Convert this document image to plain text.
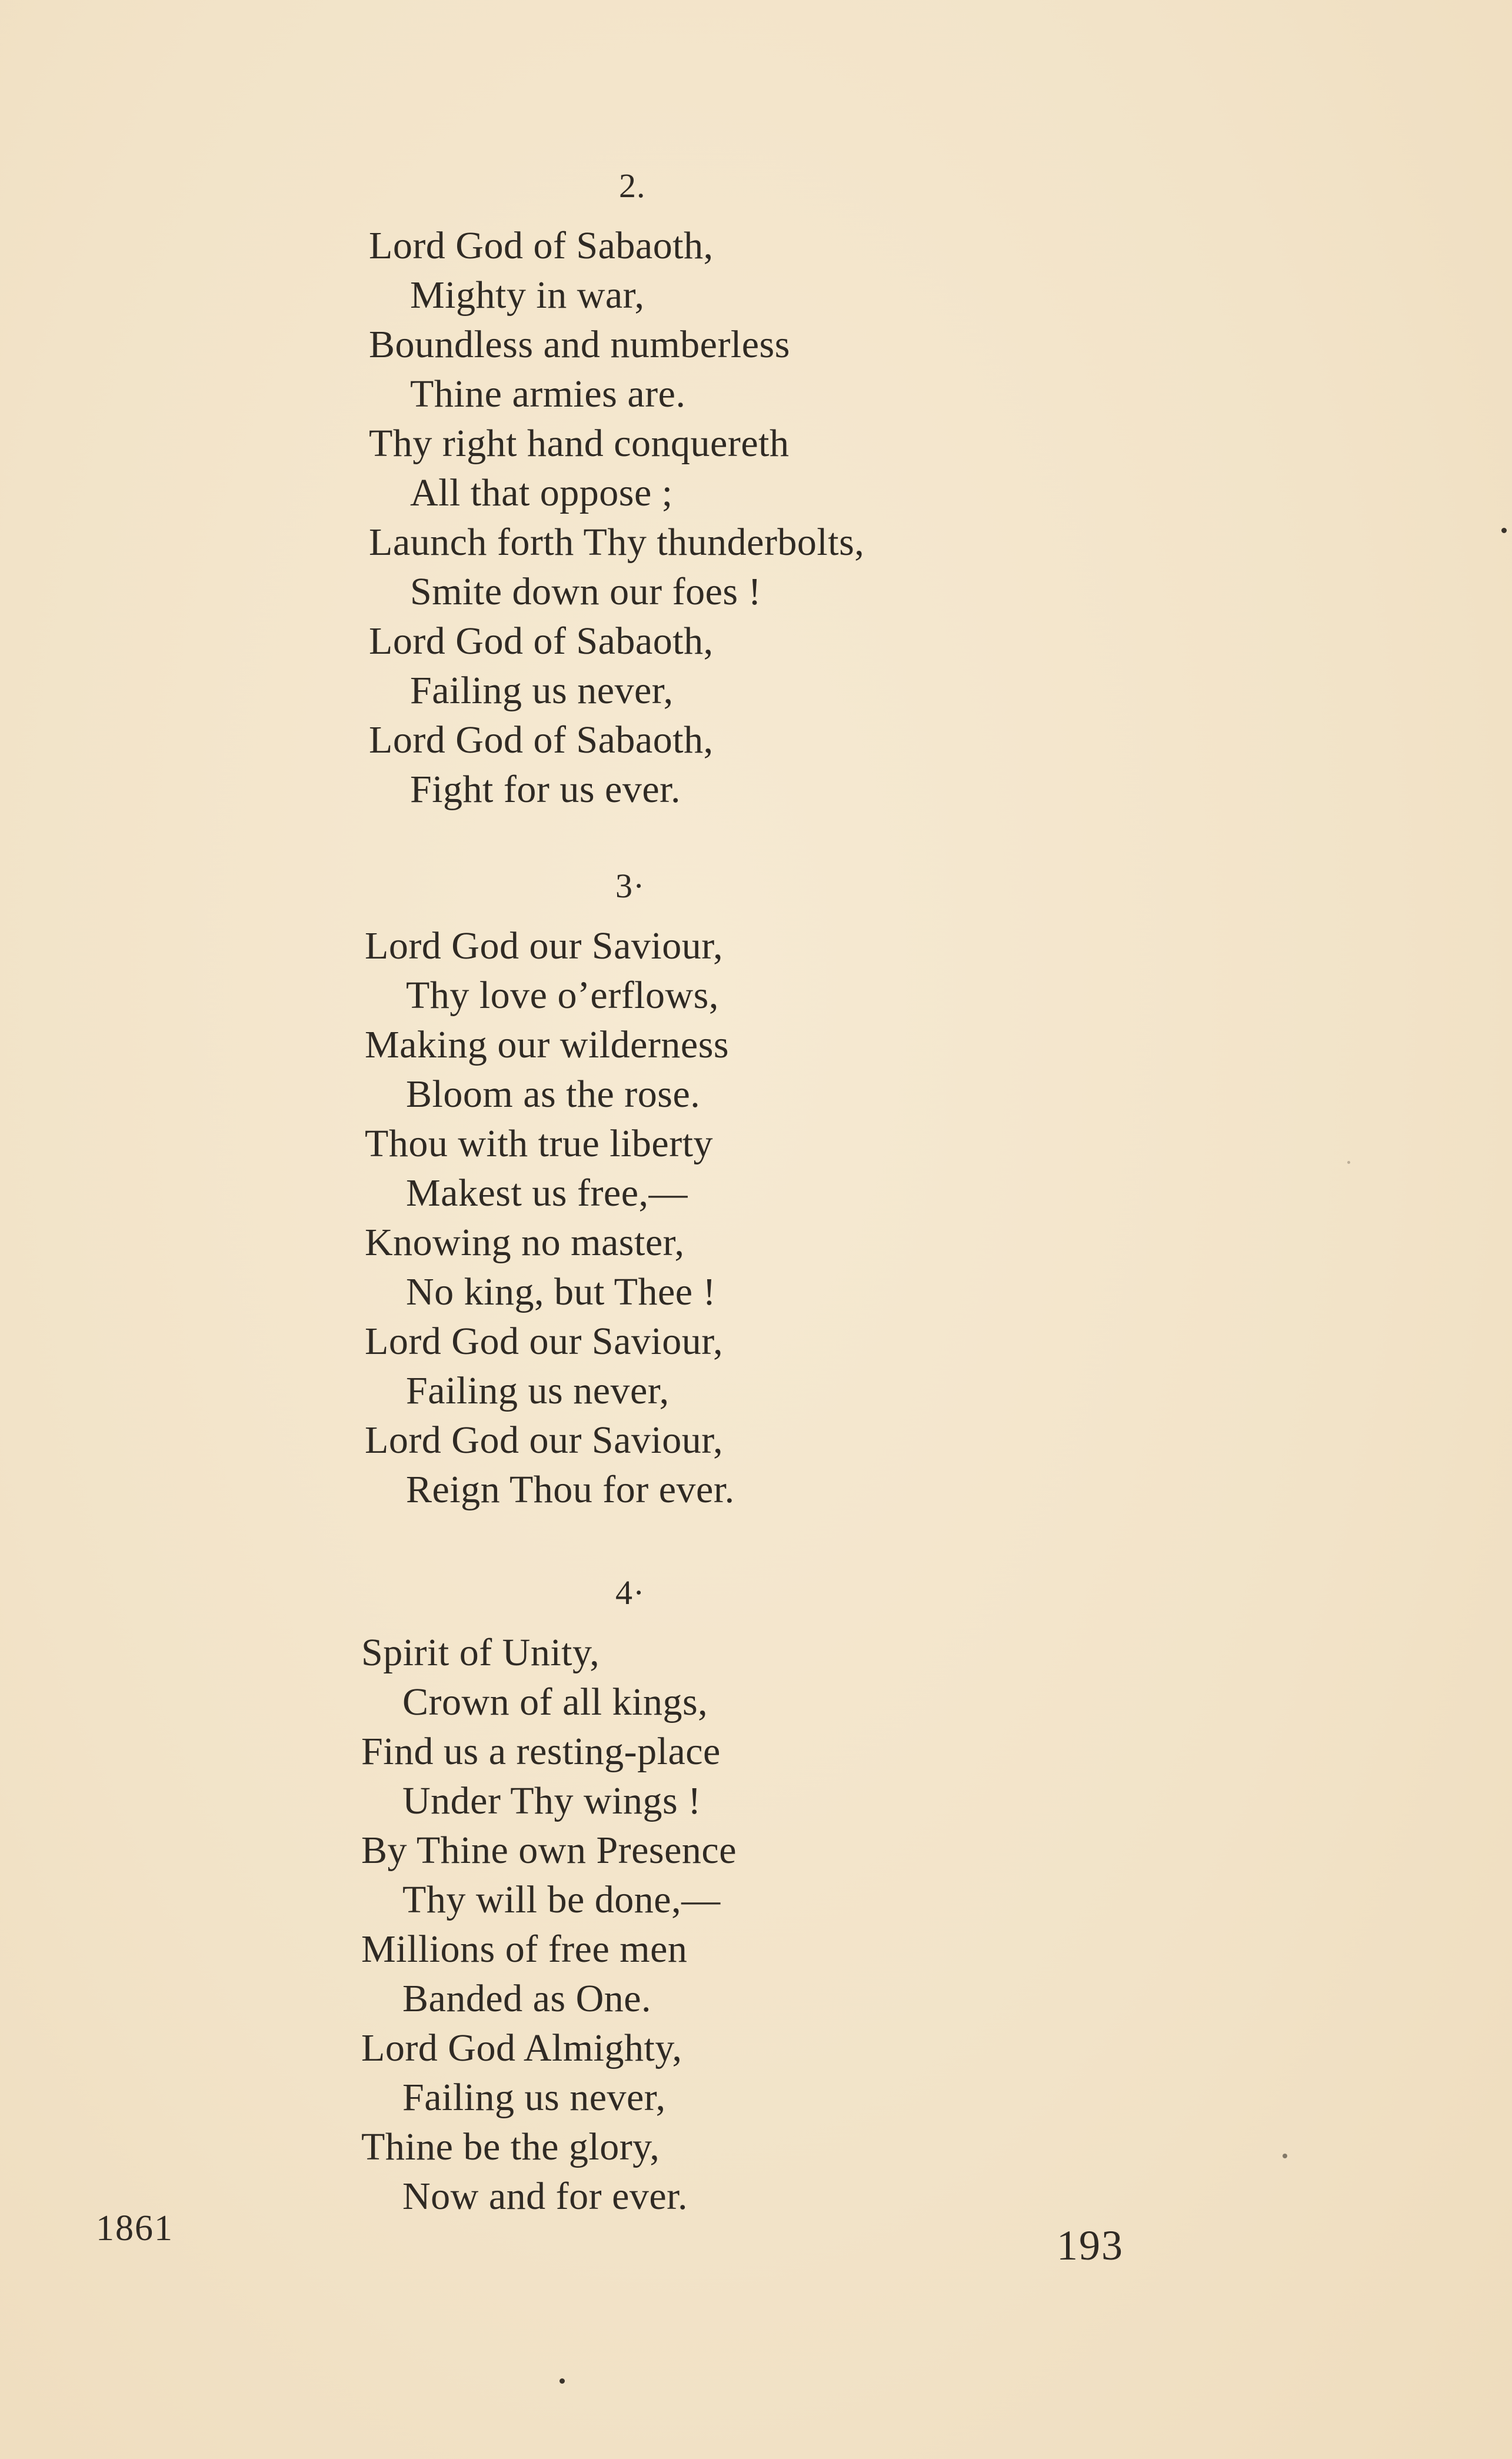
2.
Lord God of Sabaoth,
Mighty in war,
Boundless and numberless
Thine armies are.
Thy right hand conquereth
All that oppose ;
Launch forth Thy thunderbolts,
Smite down our foes !
Lord God of Sabaoth,
Failing us never,
Lord God of Sabaoth,
Fight for us ever.
3·
Lord God our Saviour,
Thy love o’erflows,
Making our wilderness
Bloom as the rose.
Thou with true liberty
Makest us free,—
Knowing no master,
No king, but Thee !
Lord God our Saviour,
Failing us never,
Lord God our Saviour,
Reign Thou for ever.
4·
Spirit of Unity,
Crown of all kings,
Find us a resting-place
Under Thy wings !
By Thine own Presence
Thy will be done,—
Millions of free men
Banded as One.
Lord God Almighty,
Failing us never,
Thine be the glory,
Now and for ever.
1861	193
